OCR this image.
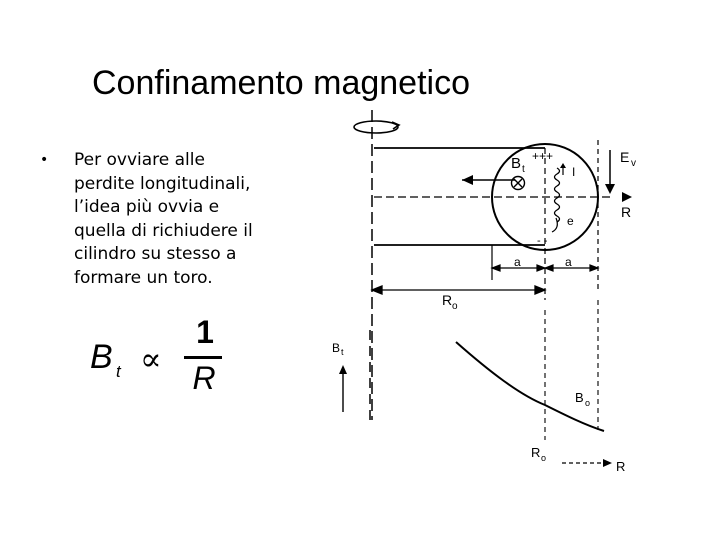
Confinamento magnetico
• Per ovviare alle
perdite longitudinali,
l’idea più ovvia e
quella di richiudere il
cilindro su stesso a
formare un toro.
B t ∝
1
R
B t
+++
I
e
- -
E v
R
a	a
R o
B t
B o
R o
R
